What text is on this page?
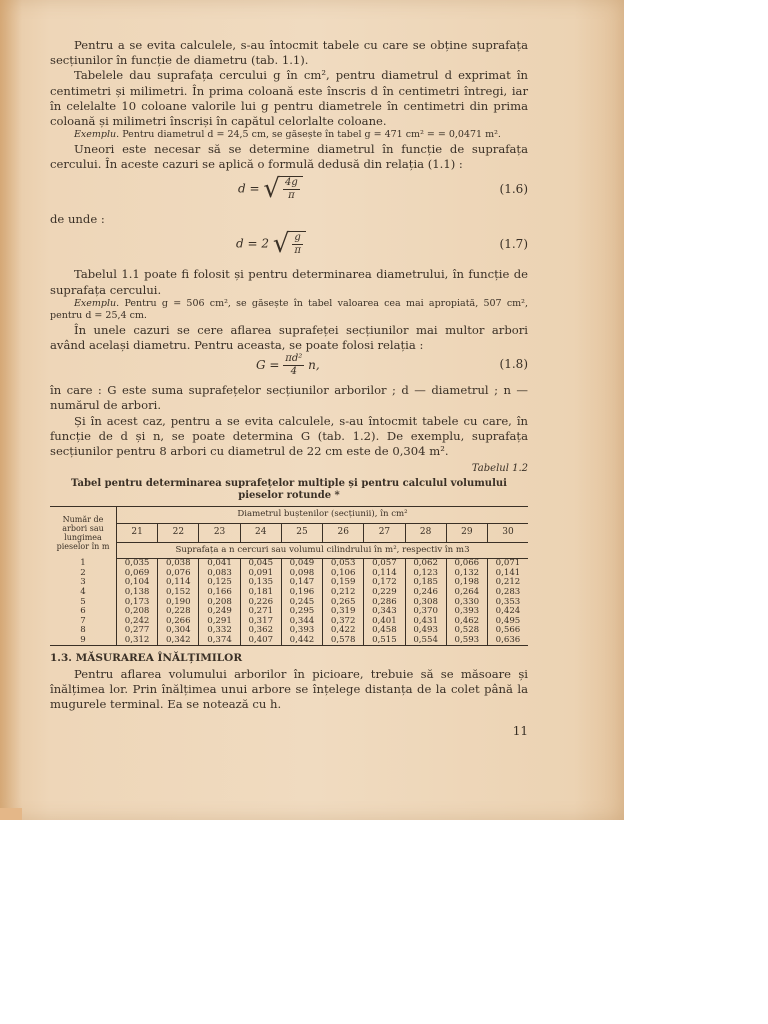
Pentru a se evita calculele, s-au întocmit tabele cu care se obține suprafața secțiunilor în funcție de diametru (tab. 1.1).

Tabelele dau suprafața cercului g în cm², pentru diametrul d exprimat în centimetri și milimetri. În prima coloană este înscris d în centimetri întregi, iar în celelalte 10 coloane valorile lui g pentru diametrele în centimetri din prima coloană și milimetri înscriși în capătul celorlalte coloane.

Exemplu. Pentru diametrul d = 24,5 cm, se găsește în tabel g = 471 cm² = = 0,0471 m².

Uneori este necesar să se determine diametrul în funcție de suprafața cercului. În aceste cazuri se aplică o formulă dedusă din relația (1.1) :

d = √ $\frac{4g}{\pi}$	(1.6)

de unde :

d = 2 √ $\frac{g}{\pi}$	(1.7)

Tabelul 1.1 poate fi folosit și pentru determinarea diametrului, în funcție de suprafața cercului.

Exemplu. Pentru g = 506 cm², se găsește în tabel valoarea cea mai apropiată, 507 cm², pentru d = 25,4 cm.

În unele cazuri se cere aflarea suprafeței secțiunilor mai multor arbori având același diametru. Pentru aceasta, se poate folosi relația :

$G = \frac{\text{πd²}}{4} n$,	(1.8)

în care : G este suma suprafețelor secțiunilor arborilor ; d — diametrul ; n — numărul de arbori.

Și în acest caz, pentru a se evita calculele, s-au întocmit tabele cu care, în funcție de d și n, se poate determina G (tab. 1.2). De exemplu, suprafața secțiunilor pentru 8 arbori cu diametrul de 22 cm este de 0,304 m².

Tabelul 1.2
Tabel pentru determinarea suprafețelor multiple și pentru calculul volumului pieselor rotunde *
Număr de arbori sau lungimea pieselor în m	Diametrul buștenilor (secțiunii), în cm²									
	21	22	23	24	25	26	27	28	29	30
	Suprafața a n cercuri sau volumul cilindrului în m², respectiv în m3									
1	0,035	0,038	0,041	0,045	0,049	0,053	0,057	0,062	0,066	0,071
2	0,069	0,076	0,083	0,091	0,098	0,106	0,114	0,123	0,132	0,141
3	0,104	0,114	0,125	0,135	0,147	0,159	0,172	0,185	0,198	0,212
4	0,138	0,152	0,166	0,181	0,196	0,212	0,229	0,246	0,264	0,283
5	0,173	0,190	0,208	0,226	0,245	0,265	0,286	0,308	0,330	0,353
6	0,208	0,228	0,249	0,271	0,295	0,319	0,343	0,370	0,393	0,424
7	0,242	0,266	0,291	0,317	0,344	0,372	0,401	0,431	0,462	0,495
8	0,277	0,304	0,332	0,362	0,393	0,422	0,458	0,493	0,528	0,566
9	0,312	0,342	0,374	0,407	0,442	0,578	0,515	0,554	0,593	0,636
1.3. MĂSURAREA ÎNĂLȚIMILOR

Pentru aflarea volumului arborilor în picioare, trebuie să se măsoare și înălțimea lor. Prin înălțimea unui arbore se înțelege distanța de la colet până la mugurele terminal. Ea se notează cu h.

11
